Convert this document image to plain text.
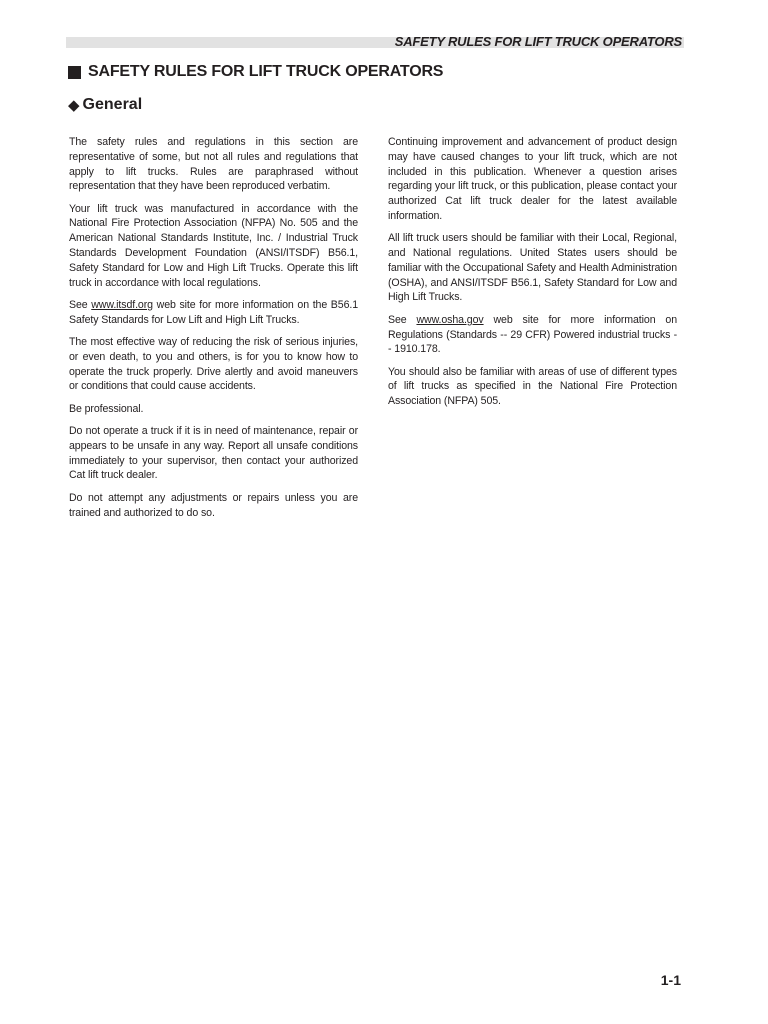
SAFETY RULES FOR LIFT TRUCK OPERATORS
SAFETY RULES FOR LIFT TRUCK OPERATORS
◆ General

The safety rules and regulations in this section are representative of some, but not all rules and regulations that apply to lift trucks. Rules are paraphrased without representation that they have been reproduced verbatim.

Your lift truck was manufactured in accordance with the National Fire Protection Association (NFPA) No. 505 and the American National Standards Institute, Inc. / Industrial Truck Standards Development Foundation (ANSI/ITSDF) B56.1, Safety Standard for Low and High Lift Trucks. Operate this lift truck in accordance with local regulations.

See www.itsdf.org web site for more information on the B56.1 Safety Standards for Low Lift and High Lift Trucks.

The most effective way of reducing the risk of serious injuries, or even death, to you and others, is for you to know how to operate the truck properly. Drive alertly and avoid maneuvers or conditions that could cause accidents.

Be professional.

Do not operate a truck if it is in need of maintenance, repair or appears to be unsafe in any way. Report all unsafe conditions immediately to your supervisor, then contact your authorized Cat lift truck dealer.

Do not attempt any adjustments or repairs unless you are trained and authorized to do so.

Continuing improvement and advancement of product design may have caused changes to your lift truck, which are not included in this publication. Whenever a question arises regarding your lift truck, or this publication, please contact your authorized Cat lift truck dealer for the latest available information.

All lift truck users should be familiar with their Local, Regional, and National regulations. United States users should be familiar with the Occupational Safety and Health Administration (OSHA), and ANSI/ITSDF B56.1, Safety Standard for Low and High Lift Trucks.

See www.osha.gov web site for more information on Regulations (Standards -- 29 CFR) Powered industrial trucks - - 1910.178.

You should also be familiar with areas of use of different types of lift trucks as specified in the National Fire Protection Association (NFPA) 505.

1-1
